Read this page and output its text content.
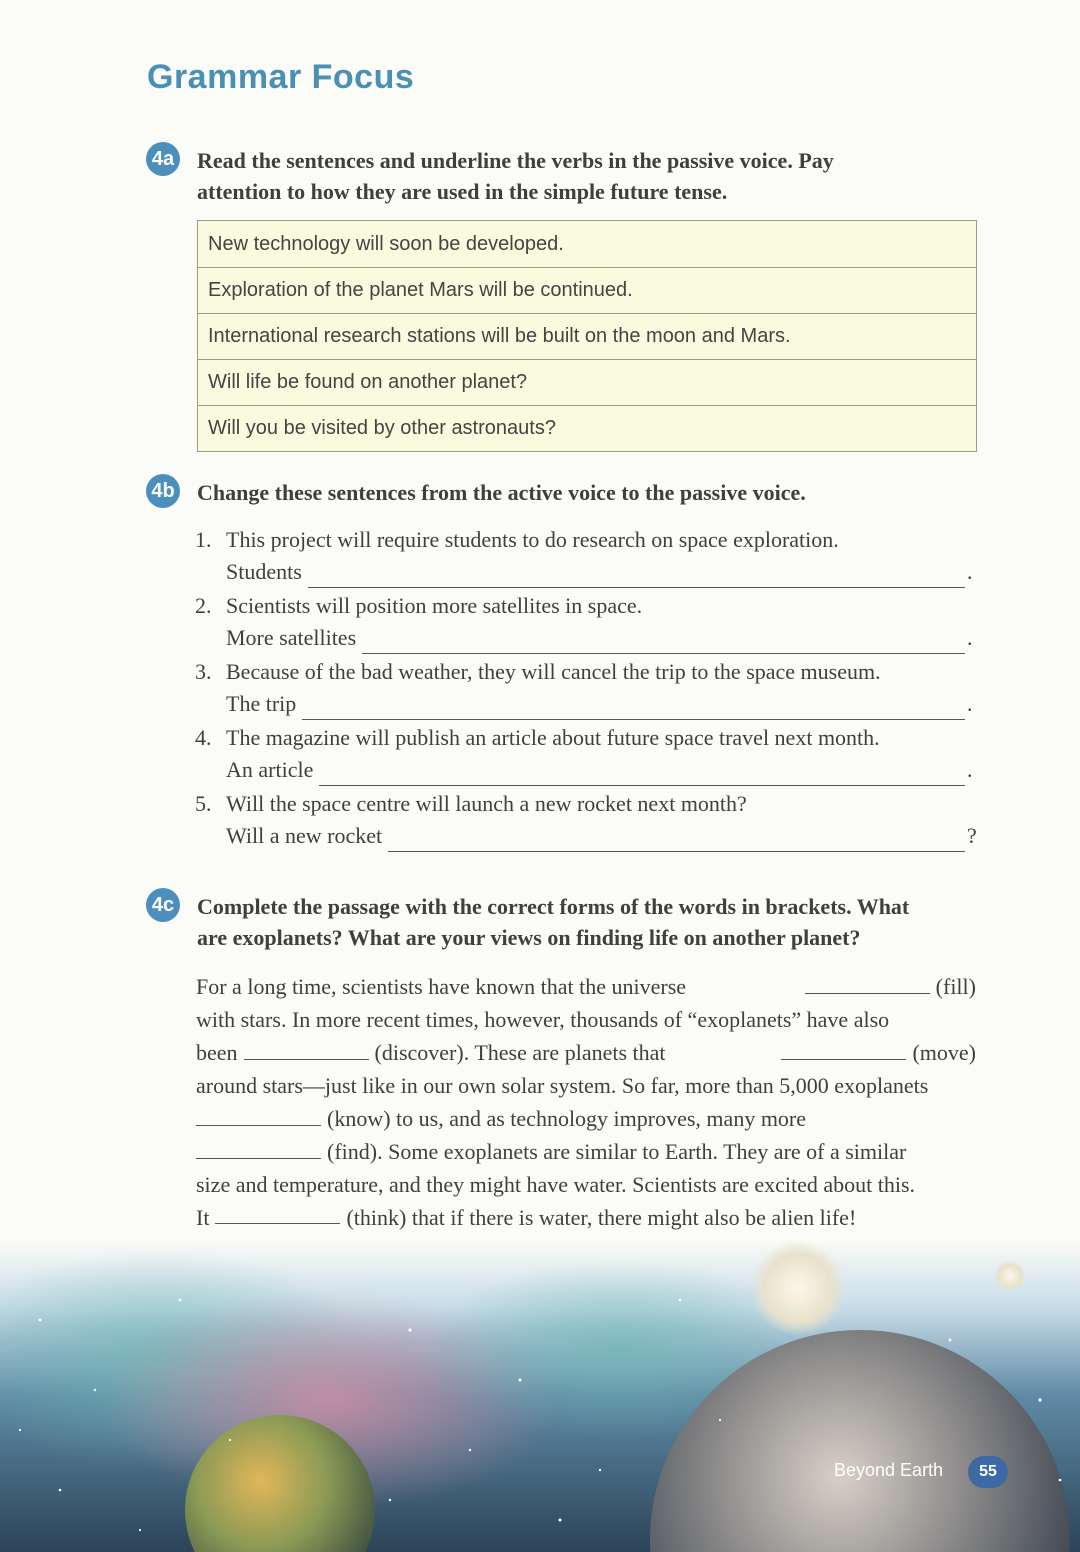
Grammar Focus
4a Read the sentences and underline the verbs in the passive voice. Pay
attention to how they are used in the simple future tense.
New technology will soon be developed.
Exploration of the planet Mars will be continued.
International research stations will be built on the moon and Mars.
Will life be found on another planet?
Will you be visited by other astronauts?
4b Change these sentences from the active voice to the passive voice.
1. This project will require students to do research on space exploration.
Students	.
2. Scientists will position more satellites in space.
More satellites	.
3. Because of the bad weather, they will cancel the trip to the space museum.
The trip	.
4. The magazine will publish an article about future space travel next month.
An article	.
5. Will the space centre will launch a new rocket next month?
Will a new rocket	?
4c Complete the passage with the correct forms of the words in brackets. What
are exoplanets? What are your views on finding life on another planet?
For a long time, scientists have known that the universe	(fill)
with stars. In more recent times, however, thousands of “exoplanets” have also
been	(discover). These are planets that	(move)
around stars—just like in our own solar system. So far, more than 5,000 exoplanets
(know) to us, and as technology improves, many more
(find). Some exoplanets are similar to Earth. They are of a similar
size and temperature, and they might have water. Scientists are excited about this.
It	(think) that if there is water, there might also be alien life!
Beyond Earth	55
